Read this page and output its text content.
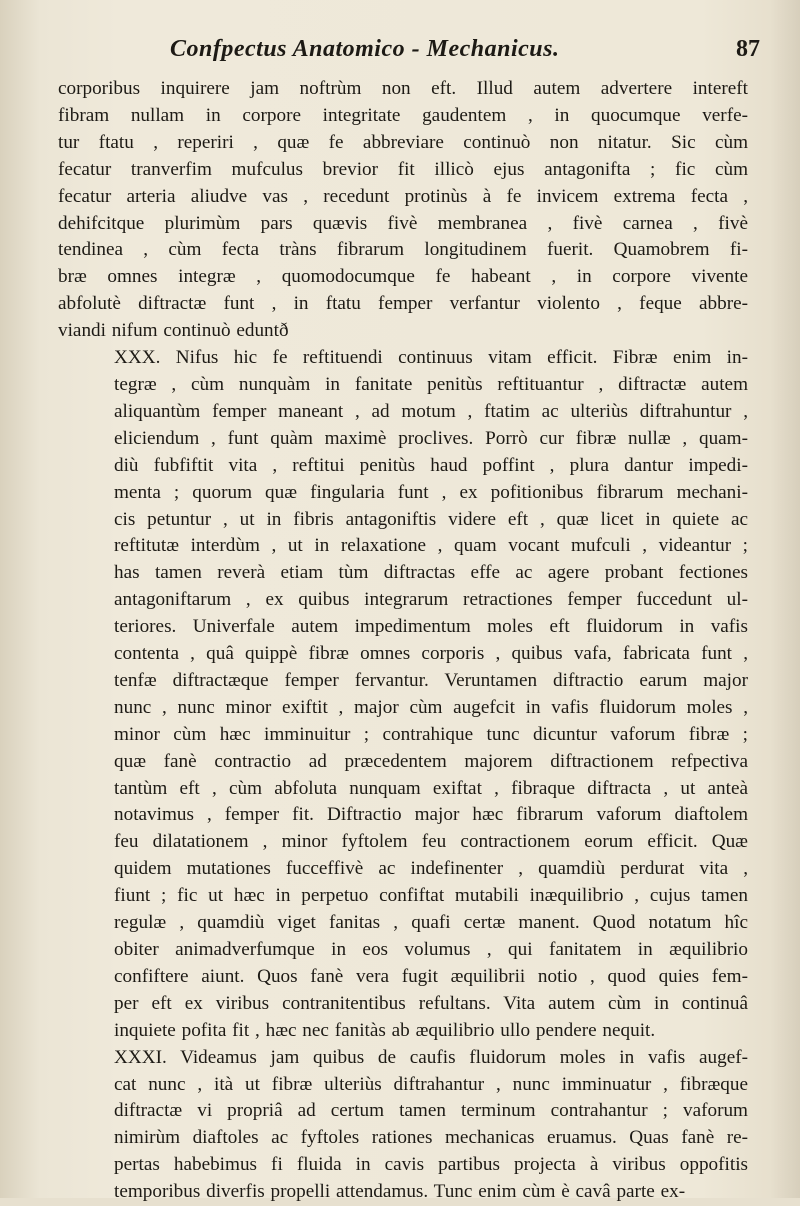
Confpectus Anatomico - Mechanicus.	87

corporibus inquirere jam noftrùm non eft. Illud autem advertere intereft
fibram nullam in corpore integritate gaudentem , in quocumque verfe-
tur ftatu , reperiri , quæ fe abbreviare continuò non nitatur. Sic cùm
fecatur tranverfim mufculus brevior fit illicò ejus antagonifta ; fic cùm
fecatur arteria aliudve vas , recedunt protinùs à fe invicem extrema fecta ,
dehifcitque plurimùm pars quævis fivè membranea , fivè carnea , fivè
tendinea , cùm fecta tràns fibrarum longitudinem fuerit. Quamobrem fi-
bræ omnes integræ , quomodocumque fe habeant , in corpore vivente
abfolutè diftractæ funt , in ftatu femper verfantur violento , feque abbre-
viandi nifum continuò eduntð

XXX. Nifus hic fe reftituendi continuus vitam efficit. Fibræ enim in-
tegræ , cùm nunquàm in fanitate penitùs reftituantur , diftractæ autem
aliquantùm femper maneant , ad motum , ftatim ac ulteriùs diftrahuntur ,
eliciendum , funt quàm maximè proclives. Porrò cur fibræ nullæ , quam-
diù fubfiftit vita , reftitui penitùs haud poffint , plura dantur impedi-
menta ; quorum quæ fingularia funt , ex pofitionibus fibrarum mechani-
cis petuntur , ut in fibris antagoniftis videre eft , quæ licet in quiete ac
reftitutæ interdùm , ut in relaxatione , quam vocant mufculi , videantur ;
has tamen reverà etiam tùm diftractas effe ac agere probant fectiones
antagoniftarum , ex quibus integrarum retractiones femper fuccedunt ul-
teriores. Univerfale autem impedimentum moles eft fluidorum in vafis
contenta , quâ quippè fibræ omnes corporis , quibus vafa, fabricata funt ,
tenfæ diftractæque femper fervantur. Veruntamen diftractio earum major
nunc , nunc minor exiftit , major cùm augefcit in vafis fluidorum moles ,
minor cùm hæc imminuitur ; contrahique tunc dicuntur vaforum fibræ ;
quæ fanè contractio ad præcedentem majorem diftractionem refpectiva
tantùm eft , cùm abfoluta nunquam exiftat , fibraque diftracta , ut anteà
notavimus , femper fit. Diftractio major hæc fibrarum vaforum diaftolem
feu dilatationem , minor fyftolem feu contractionem eorum efficit. Quæ
quidem mutationes fucceffivè ac indefinenter , quamdiù perdurat vita ,
fiunt ; fic ut hæc in perpetuo confiftat mutabili inæquilibrio , cujus tamen
regulæ , quamdiù viget fanitas , quafi certæ manent. Quod notatum hîc
obiter animadverfumque in eos volumus , qui fanitatem in æquilibrio
confiftere aiunt. Quos fanè vera fugit æquilibrii notio , quod quies fem-
per eft ex viribus contranitentibus refultans. Vita autem cùm in continuâ
inquiete pofita fit , hæc nec fanitàs ab æquilibrio ullo pendere nequit.

XXXI. Videamus jam quibus de caufis fluidorum moles in vafis augef-
cat nunc , ità ut fibræ ulteriùs diftrahantur , nunc imminuatur , fibræque
diftractæ vi propriâ ad certum tamen terminum contrahantur ; vaforum
nimirùm diaftoles ac fyftoles rationes mechanicas eruamus. Quas fanè re-
pertas habebimus fi fluida in cavis partibus projecta à viribus oppofitis
temporibus diverfis propelli attendamus. Tunc enim cùm è cavâ parte ex-
